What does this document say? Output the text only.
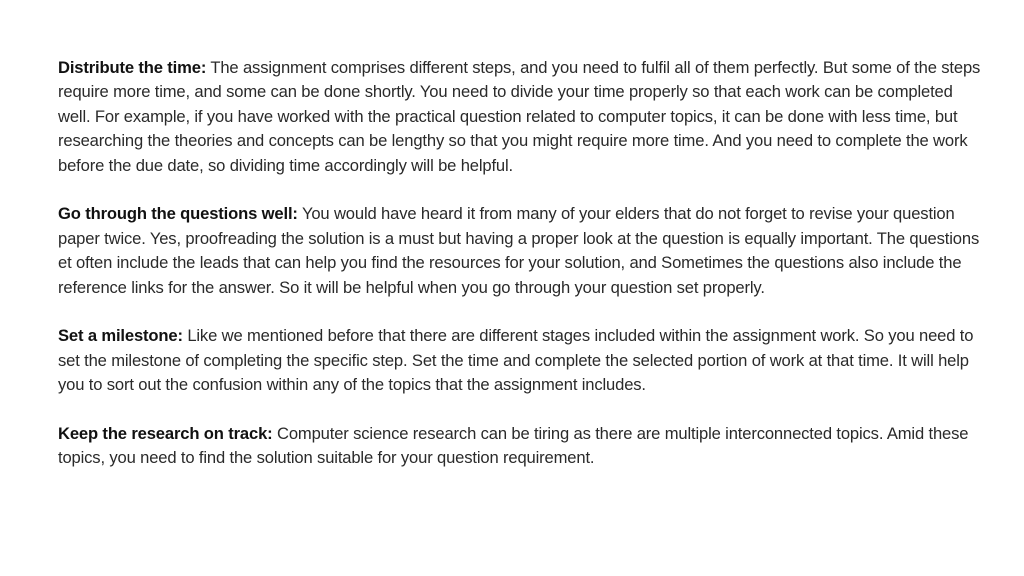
Distribute the time: The assignment comprises different steps, and you need to fulfil all of them perfectly. But some of the steps require more time, and some can be done shortly. You need to divide your time properly so that each work can be completed well. For example, if you have worked with the practical question related to computer topics, it can be done with less time, but researching the theories and concepts can be lengthy so that you might require more time. And you need to complete the work before the due date, so dividing time accordingly will be helpful.

Go through the questions well: You would have heard it from many of your elders that do not forget to revise your question paper twice. Yes, proofreading the solution is a must but having a proper look at the question is equally important. The questions et often include the leads that can help you find the resources for your solution, and Sometimes the questions also include the reference links for the answer. So it will be helpful when you go through your question set properly.

Set a milestone: Like we mentioned before that there are different stages included within the assignment work. So you need to set the milestone of completing the specific step. Set the time and complete the selected portion of work at that time. It will help you to sort out the confusion within any of the topics that the assignment includes.

Keep the research on track: Computer science research can be tiring as there are multiple interconnected topics. Amid these topics, you need to find the solution suitable for your question requirement.
